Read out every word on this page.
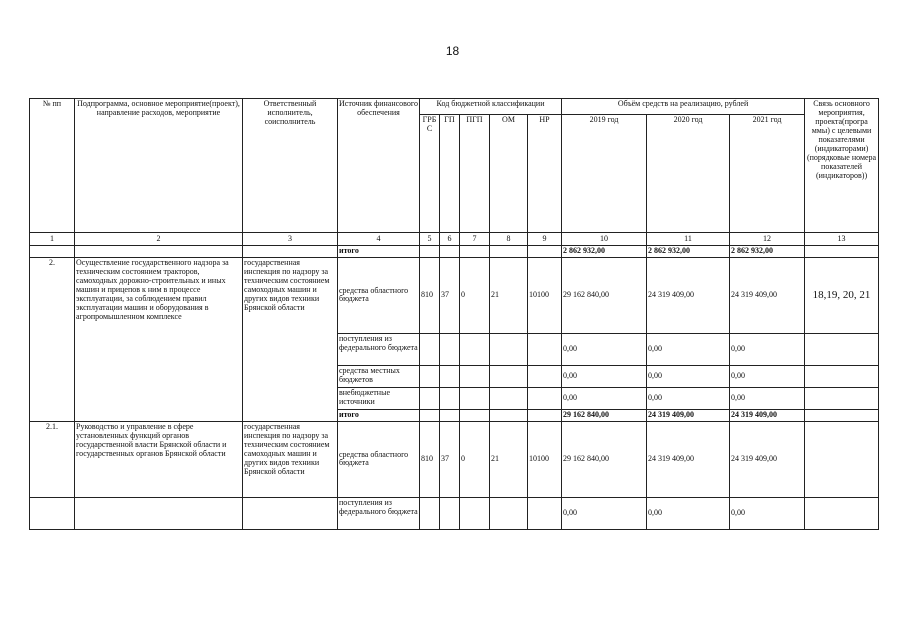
18
№ пп	Подпрограмма, основное мероприятие(проект), направление расходов, мероприятие	Ответственный исполнитель, соисполнитель	Источник финансового обеспечения	Код бюджетной классификации					Объём средств на реализацию, рублей			Связь основного мероприятия, проекта(програ ммы) с целевыми показателями (индикаторами) (порядковые номера показателей (индикаторов))
				ГРБ С	ГП	ПГП	ОМ	НР	2019 год	2020 год	2021 год	
1	2	3	4	5	6	7	8	9	10	11	12	13
			итого						2 862 932,00	2 862 932,00	2 862 932,00	
2.	Осуществление государственного надзора за техническим состоянием тракторов, самоходных дорожно-строительных и иных машин и прицепов к ним в процессе эксплуатации, за соблюдением правил эксплуатации машин и оборудования в агропромышленном комплексе	государственная инспекция по надзору за техническим состоянием самоходных машин и других видов техники Брянской области	средства областного бюджета	810	37	0	21	10100	29 162 840,00	24 319 409,00	24 319 409,00	18,19, 20, 21
			поступления из федерального бюджета						0,00	0,00	0,00	
			средства местных бюджетов						0,00	0,00	0,00	
			внебюджетные источники						0,00	0,00	0,00	
			итого						29 162 840,00	24 319 409,00	24 319 409,00	
2.1.	Руководство и управление в сфере установленных функций органов государственной власти Брянской области и государственных органов Брянской области	государственная инспекция по надзору за техническим состоянием самоходных машин и других видов техники Брянской области	средства областного бюджета	810	37	0	21	10100	29 162 840,00	24 319 409,00	24 319 409,00	
			поступления из федерального бюджета						0,00	0,00	0,00	
